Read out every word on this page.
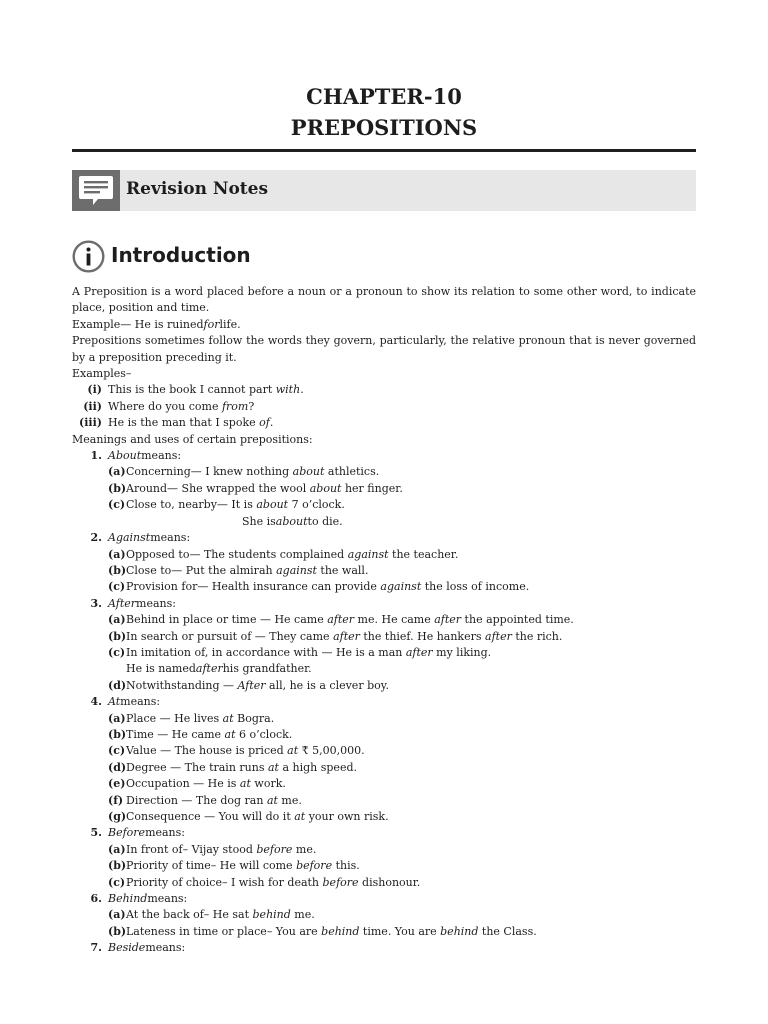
CHAPTER-10
PREPOSITIONS
Revision Notes
Introduction

A Preposition is a word placed before a noun or a pronoun to show its relation to some other word, to indicate place, position and time.

Example— He is ruined for life.

Prepositions sometimes follow the words they govern, particularly, the relative pronoun that is never governed by a preposition preceding it.

Examples–
(i) This is the book I cannot part with.
(ii) Where do you come from?
(iii) He is the man that I spoke of.
Meanings and uses of certain prepositions:
1. About means:
(a) Concerning— I knew nothing about athletics.
(b) Around— She wrapped the wool about her finger.
(c) Close to, nearby— It is about 7 o’clock.
She is about to die.
2. Against means:
(a) Opposed to— The students complained against the teacher.
(b) Close to— Put the almirah against the wall.
(c) Provision for— Health insurance can provide against the loss of income.
3. After means:
(a) Behind in place or time — He came after me. He came after the appointed time.
(b) In search or pursuit of — They came after the thief. He hankers after the rich.
(c) In imitation of, in accordance with — He is a man after my liking.
He is named after his grandfather.
(d) Notwithstanding — After all, he is a clever boy.
4. At means:
(a) Place — He lives at Bogra.
(b) Time — He came at 6 o’clock.
(c) Value — The house is priced at ₹ 5,00,000.
(d) Degree — The train runs at a high speed.
(e) Occupation — He is at work.
(f) Direction — The dog ran at me.
(g) Consequence — You will do it at your own risk.
5. Before means:
(a) In front of– Vijay stood before me.
(b) Priority of time– He will come before this.
(c) Priority of choice– I wish for death before dishonour.
6. Behind means:
(a) At the back of– He sat behind me.
(b) Lateness in time or place– You are behind time. You are behind the Class.
7. Beside means:
